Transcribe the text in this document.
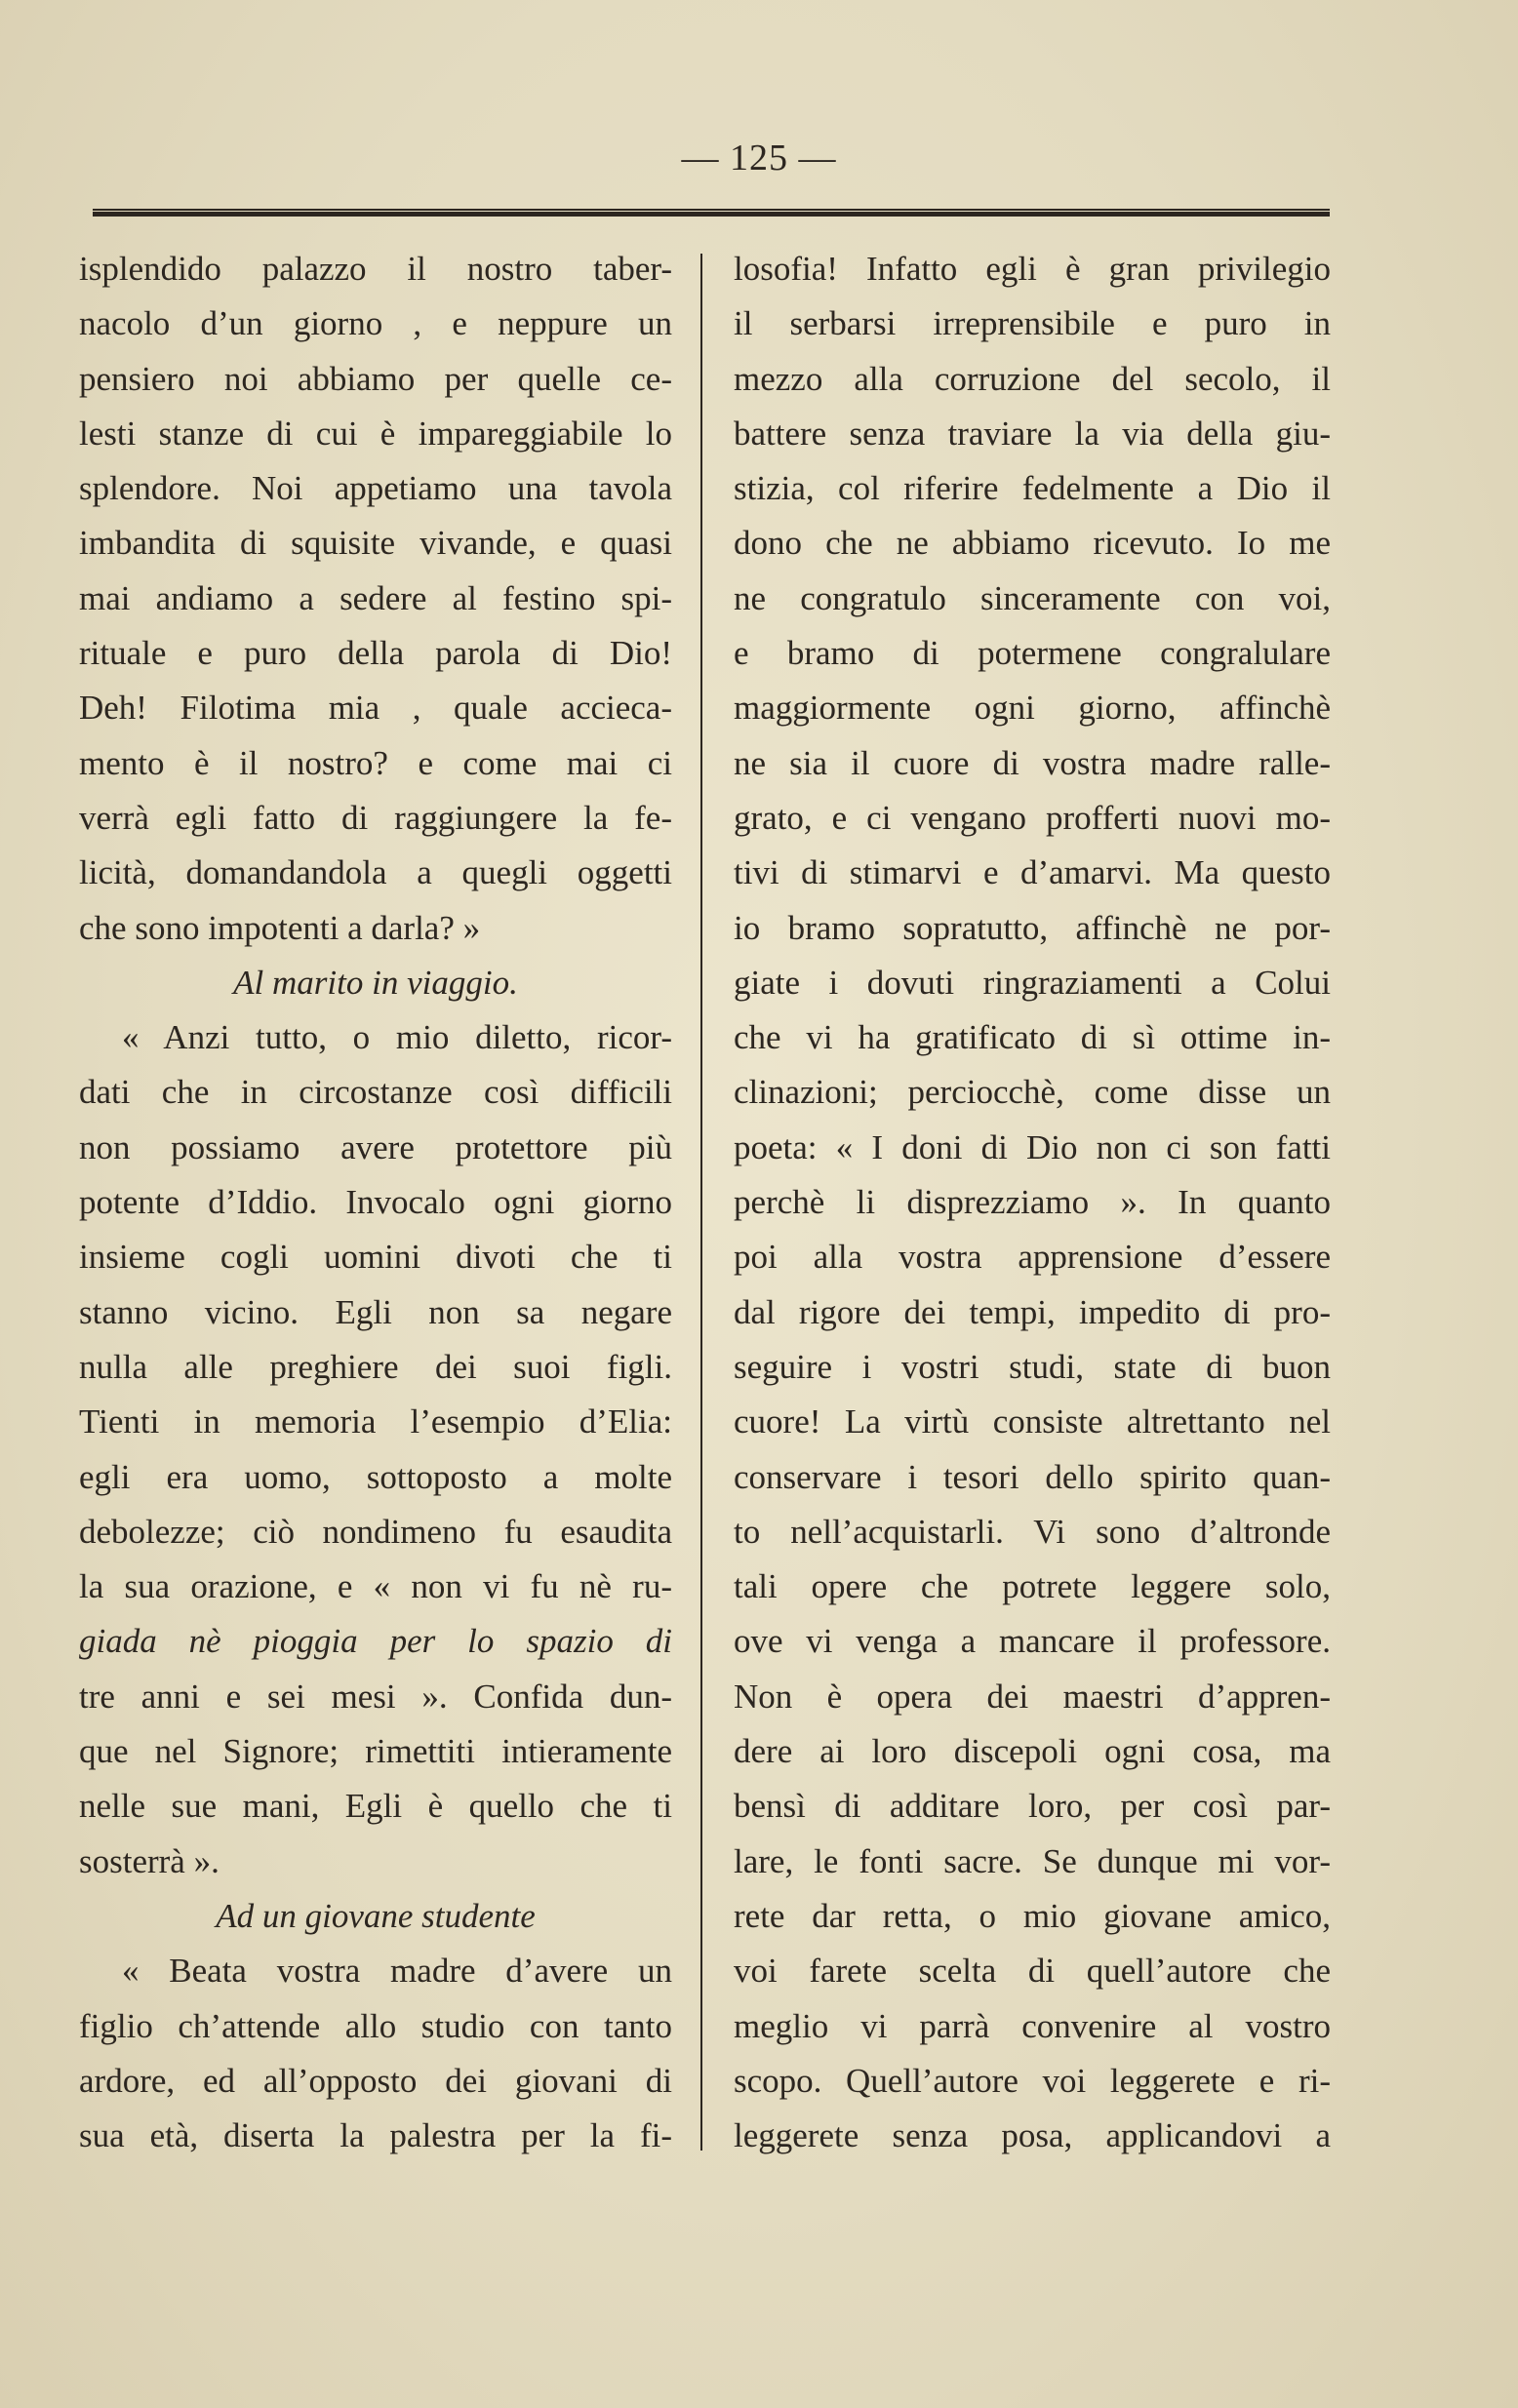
— 125 —
isplendido palazzo il nostro taber-
nacolo d’un giorno , e neppure un
pensiero noi abbiamo per quelle ce-
lesti stanze di cui è impareggiabile lo
splendore. Noi appetiamo una tavola
imbandita di squisite vivande, e quasi
mai andiamo a sedere al festino spi-
rituale e puro della parola di Dio!
Deh! Filotima mia , quale accieca-
mento è il nostro? e come mai ci
verrà egli fatto di raggiungere la fe-
licità, domandandola a quegli oggetti
che sono impotenti a darla? »
Al marito in viaggio.
« Anzi tutto, o mio diletto, ricor-
dati che in circostanze così difficili
non possiamo avere protettore più
potente d’Iddio. Invocalo ogni giorno
insieme cogli uomini divoti che ti
stanno vicino. Egli non sa negare
nulla alle preghiere dei suoi figli.
Tienti in memoria l’esempio d’Elia:
egli era uomo, sottoposto a molte
debolezze; ciò nondimeno fu esaudita
la sua orazione, e « non vi fu nè ru-
giada nè pioggia per lo spazio di
tre anni e sei mesi ». Confida dun-
que nel Signore; rimettiti intieramente
nelle sue mani, Egli è quello che ti
sosterrà ».
Ad un giovane studente
« Beata vostra madre d’avere un
figlio ch’attende allo studio con tanto
ardore, ed all’opposto dei giovani di
sua età, diserta la palestra per la fi-
losofia! Infatto egli è gran privilegio
il serbarsi irreprensibile e puro in
mezzo alla corruzione del secolo, il
battere senza traviare la via della giu-
stizia, col riferire fedelmente a Dio il
dono che ne abbiamo ricevuto. Io me
ne congratulo sinceramente con voi,
e bramo di potermene congralulare
maggiormente ogni giorno, affinchè
ne sia il cuore di vostra madre ralle-
grato, e ci vengano profferti nuovi mo-
tivi di stimarvi e d’amarvi. Ma questo
io bramo sopratutto, affinchè ne por-
giate i dovuti ringraziamenti a Colui
che vi ha gratificato di sì ottime in-
clinazioni; perciocchè, come disse un
poeta: « I doni di Dio non ci son fatti
perchè li disprezziamo ». In quanto
poi alla vostra apprensione d’essere
dal rigore dei tempi, impedito di pro-
seguire i vostri studi, state di buon
cuore! La virtù consiste altrettanto nel
conservare i tesori dello spirito quan-
to nell’acquistarli. Vi sono d’altronde
tali opere che potrete leggere solo,
ove vi venga a mancare il professore.
Non è opera dei maestri d’appren-
dere ai loro discepoli ogni cosa, ma
bensì di additare loro, per così par-
lare, le fonti sacre. Se dunque mi vor-
rete dar retta, o mio giovane amico,
voi farete scelta di quell’autore che
meglio vi parrà convenire al vostro
scopo. Quell’autore voi leggerete e ri-
leggerete senza posa, applicandovi a
